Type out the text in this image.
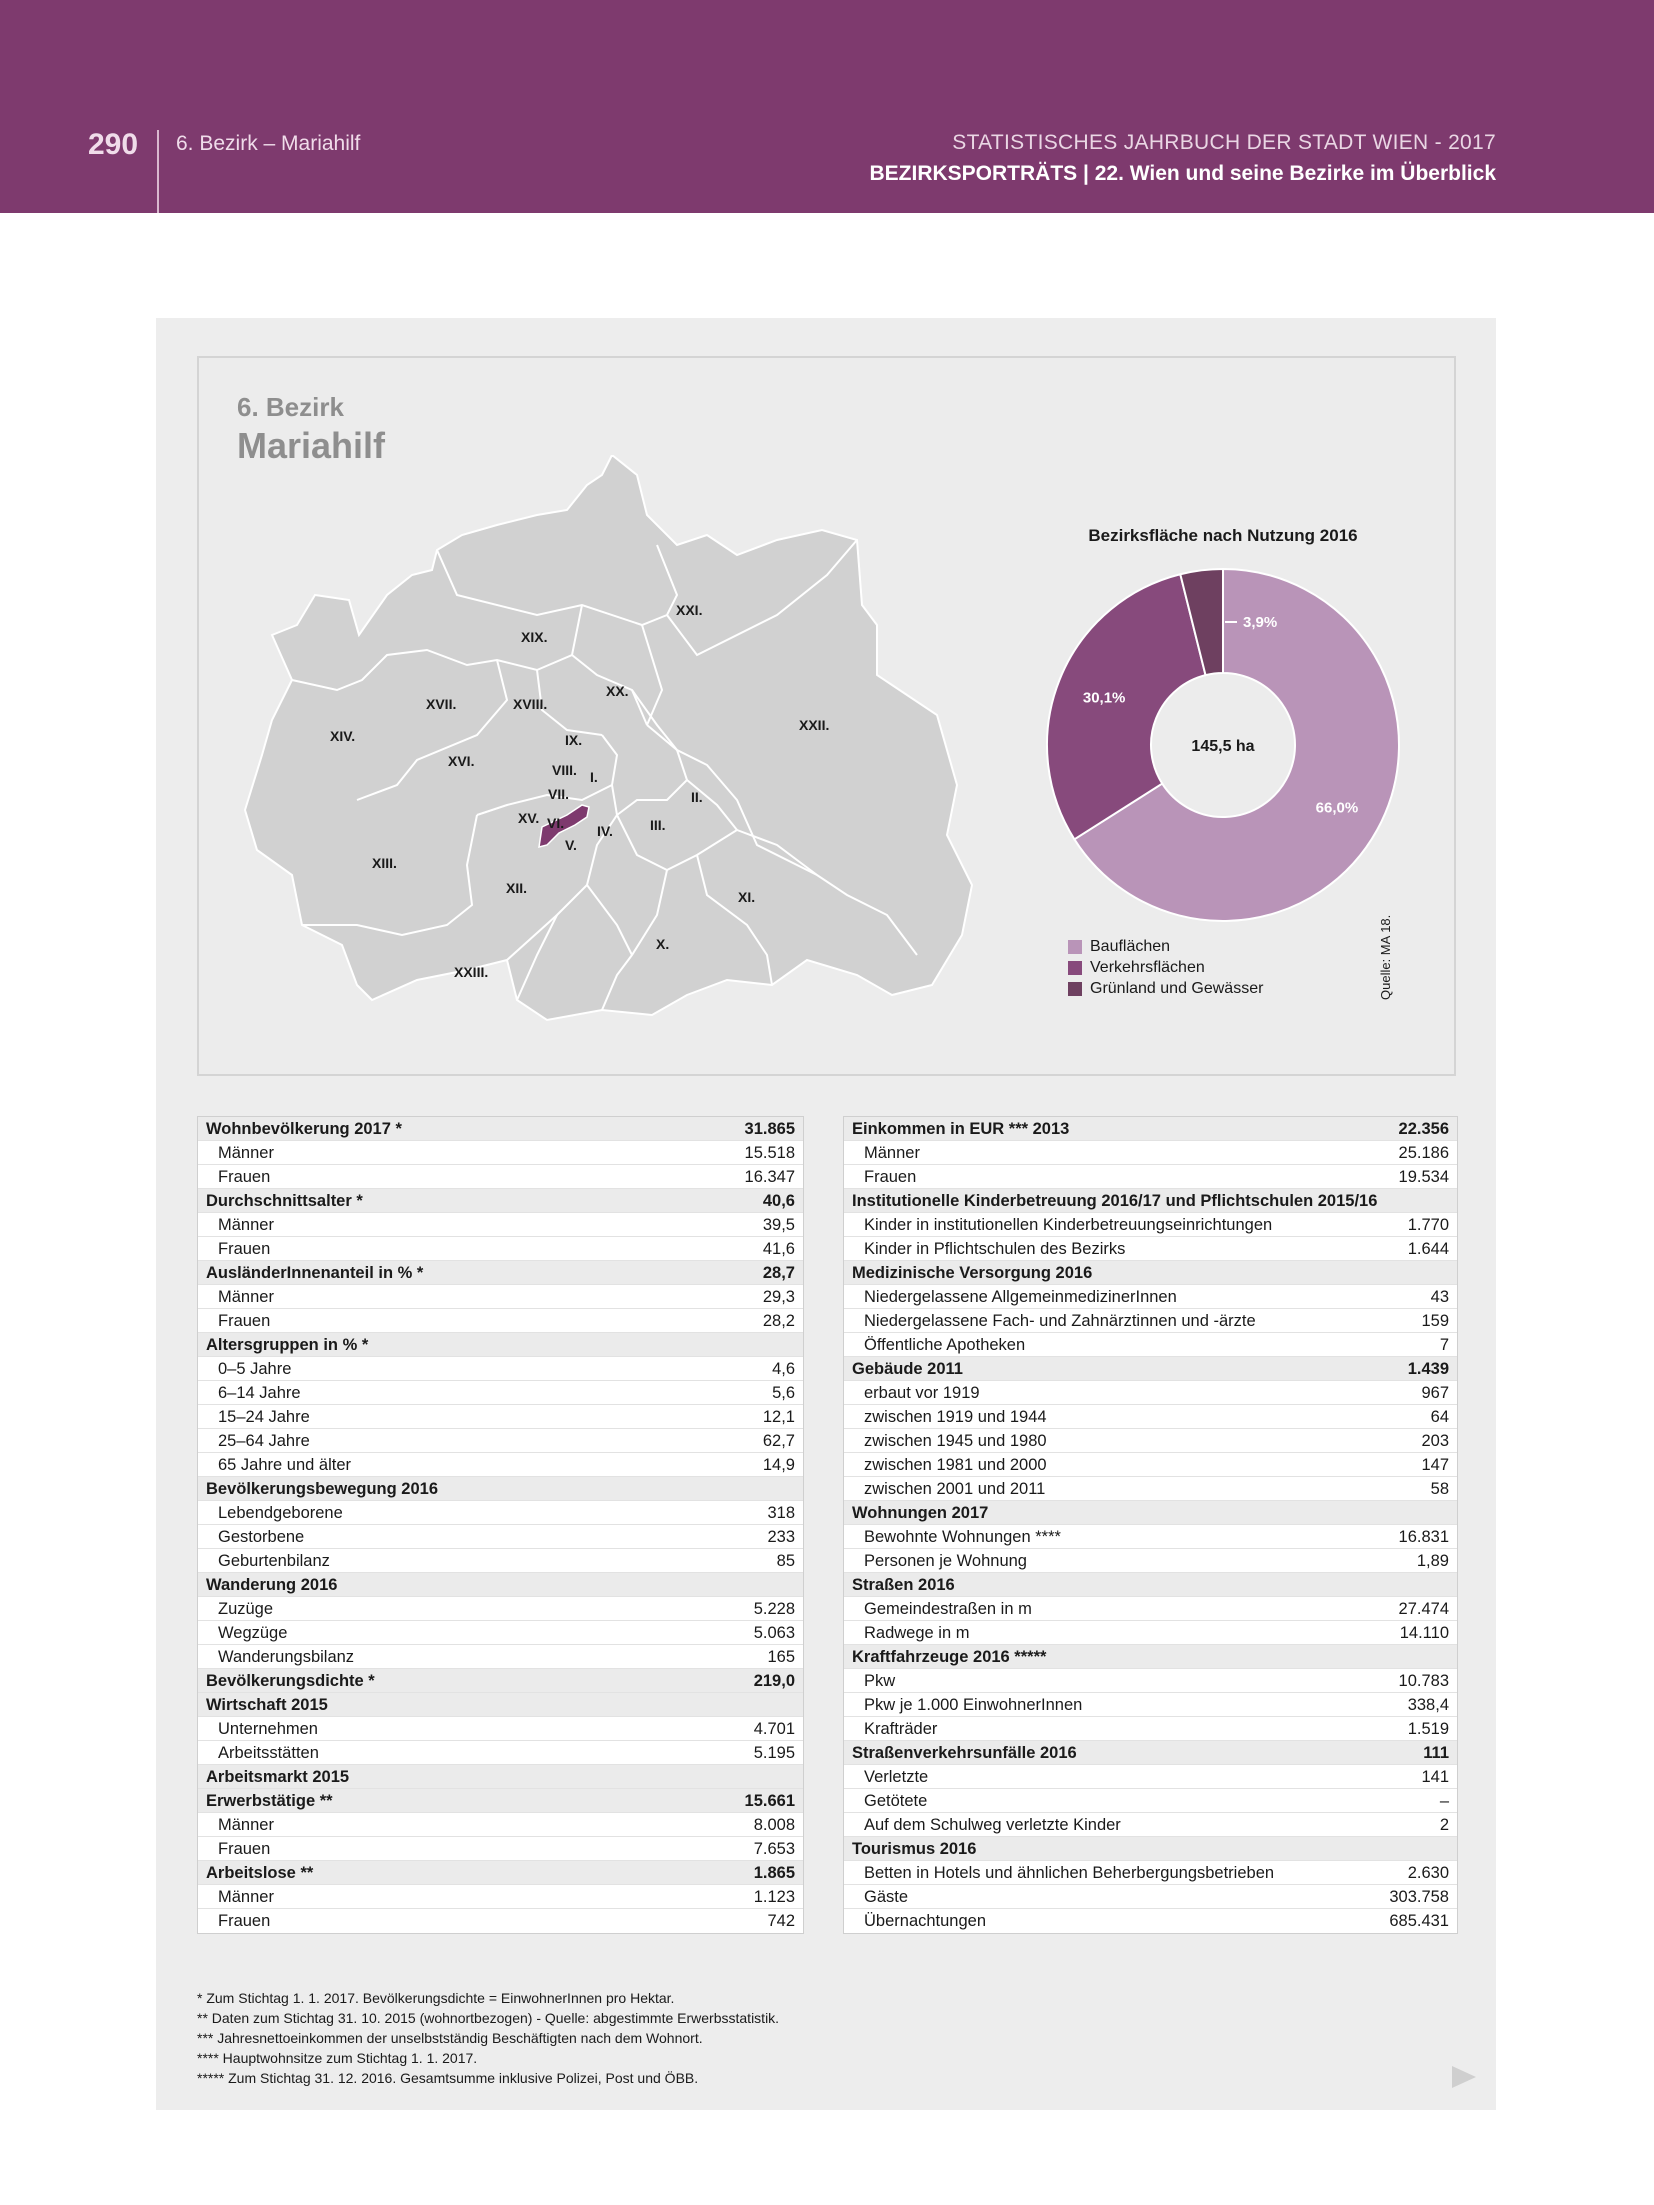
290 6. Bezirk – Mariahilf	STATISTISCHES JAHRBUCH DER STADT WIEN - 2017
BEZIRKSPORTRÄTS | 22. Wien und seine Bezirke im Überblick
6. Bezirk
Mariahilf
XIX.
XXI.
XX.
XVII.	XVIII.
XIV.	IX.
XXII.
XVI.
VIII. I.
VII.	II.
XV. VI. IV.	III.
V.
XIII.
XII.
XI.
X.
XXIII.
Bezirksfläche nach Nutzung 2016
66,0%
30,1%
3,9%
145,5 ha
Bauflächen
Verkehrsflächen
Grünland und Gewässer	Quelle: MA 18.
Wohnbevölkerung 2017 *	31.865
Männer	15.518
Frauen	16.347
Durchschnittsalter *	40,6
Männer	39,5
Frauen	41,6
AusländerInnenanteil in % *	28,7
Männer	29,3
Frauen	28,2
Altersgruppen in % *
0–5 Jahre	4,6
6–14 Jahre	5,6
15–24 Jahre	12,1
25–64 Jahre	62,7
65 Jahre und älter	14,9
Bevölkerungsbewegung 2016
Lebendgeborene	318
Gestorbene	233
Geburtenbilanz	85
Wanderung 2016
Zuzüge	5.228
Wegzüge	5.063
Wanderungsbilanz	165
Bevölkerungsdichte *	219,0
Wirtschaft 2015
Unternehmen	4.701
Arbeitsstätten	5.195
Arbeitsmarkt 2015
Erwerbstätige **	15.661
Männer	8.008
Frauen	7.653
Arbeitslose **	1.865
Männer	1.123
Frauen	742
Einkommen in EUR *** 2013	22.356
Männer	25.186
Frauen	19.534
Institutionelle Kinderbetreuung 2016/17 und Pflichtschulen 2015/16
Kinder in institutionellen Kinderbetreuungseinrichtungen	1.770
Kinder in Pflichtschulen des Bezirks	1.644
Medizinische Versorgung 2016
Niedergelassene AllgemeinmedizinerInnen	43
Niedergelassene Fach- und Zahnärztinnen und -ärzte	159
Öffentliche Apotheken	7
Gebäude 2011	1.439
erbaut vor 1919	967
zwischen 1919 und 1944	64
zwischen 1945 und 1980	203
zwischen 1981 und 2000	147
zwischen 2001 und 2011	58
Wohnungen 2017
Bewohnte Wohnungen ****	16.831
Personen je Wohnung	1,89
Straßen 2016
Gemeindestraßen in m	27.474
Radwege in m	14.110
Kraftfahrzeuge 2016 *****
Pkw	10.783
Pkw je 1.000 EinwohnerInnen	338,4
Krafträder	1.519
Straßenverkehrsunfälle 2016	111
Verletzte	141
Getötete	–
Auf dem Schulweg verletzte Kinder	2
Tourismus 2016
Betten in Hotels und ähnlichen Beherbergungsbetrieben	2.630
Gäste	303.758
Übernachtungen	685.431
* Zum Stichtag 1. 1. 2017. Bevölkerungsdichte = EinwohnerInnen pro Hektar.
** Daten zum Stichtag 31. 10. 2015 (wohnortbezogen) - Quelle: abgestimmte Erwerbsstatistik.
*** Jahresnettoeinkommen der unselbstständig Beschäftigten nach dem Wohnort.
**** Hauptwohnsitze zum Stichtag 1. 1. 2017.
***** Zum Stichtag 31. 12. 2016. Gesamtsumme inklusive Polizei, Post und ÖBB.
